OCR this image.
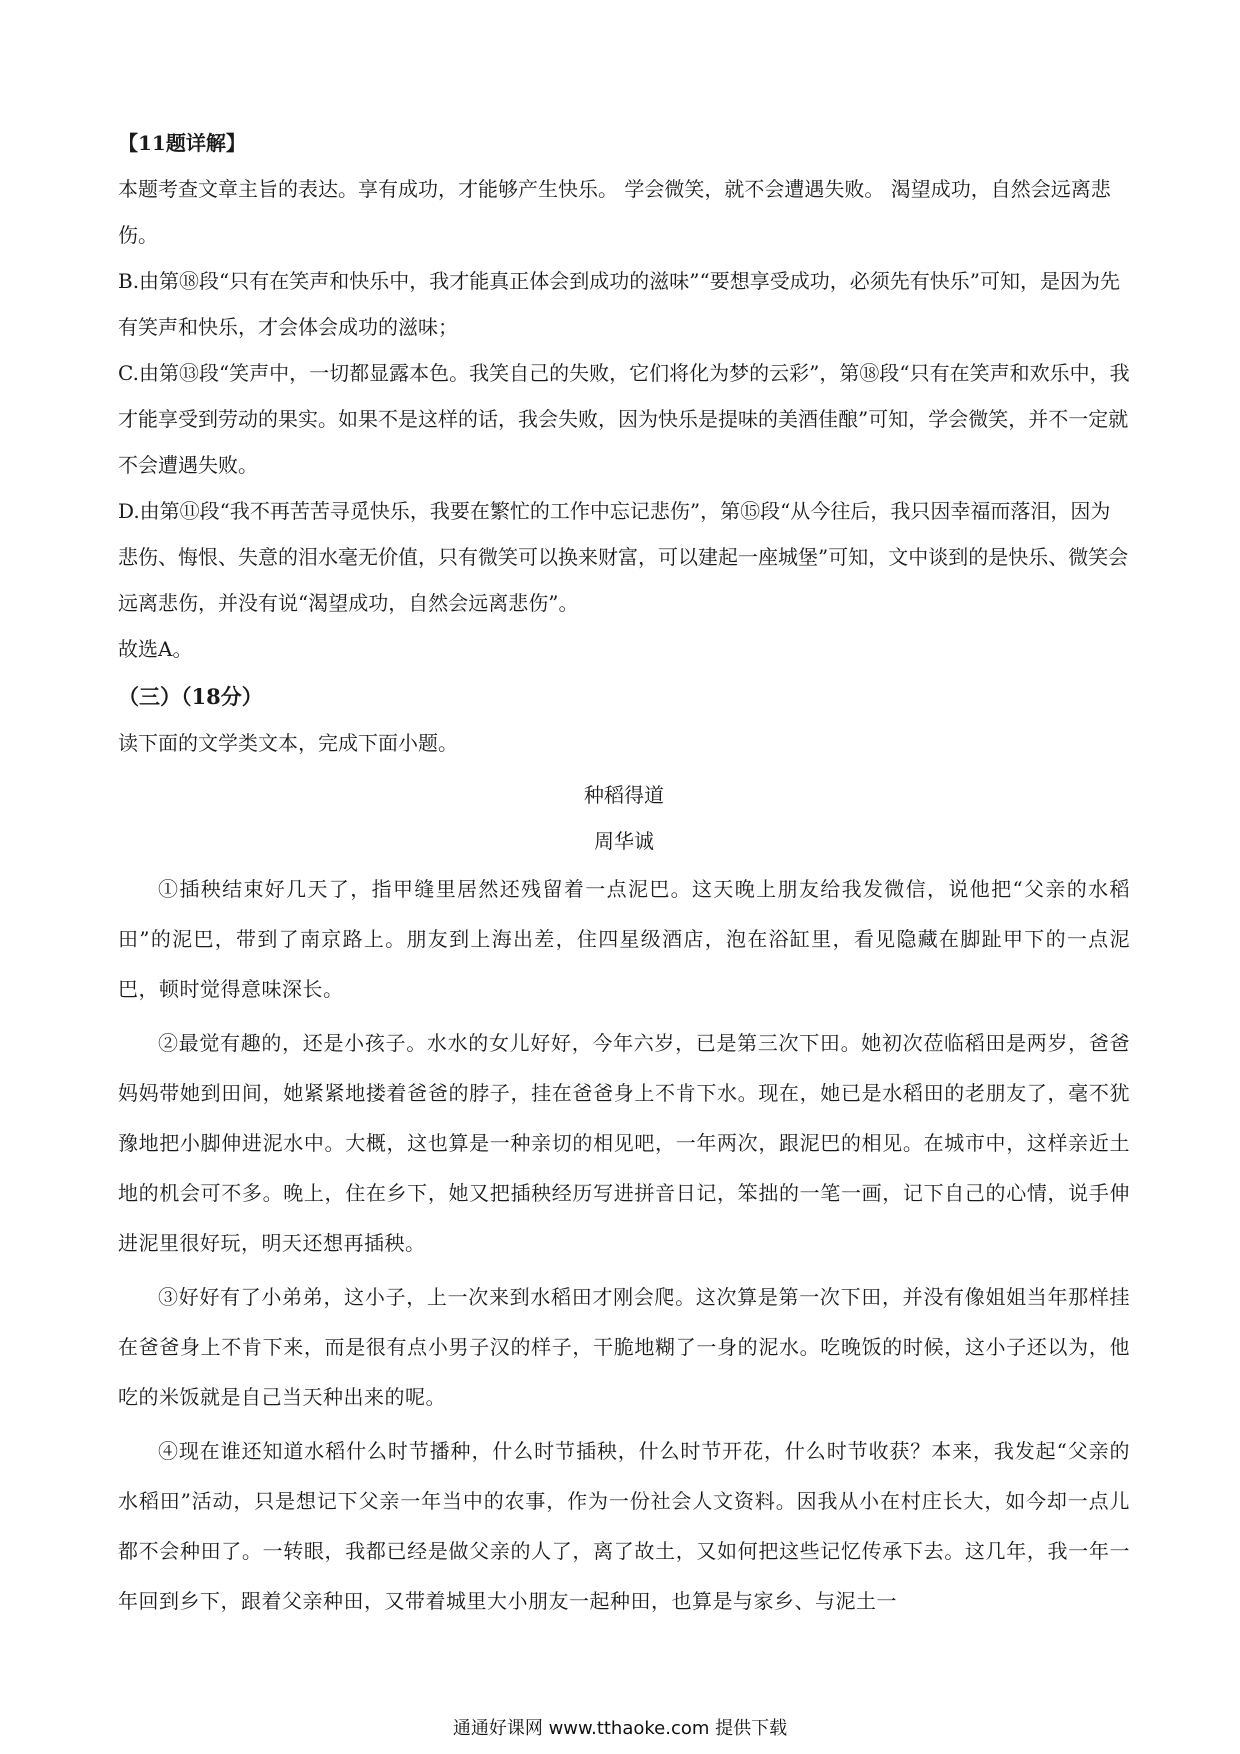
【11题详解】

本题考查文章主旨的表达。享有成功，才能够产生快乐。 学会微笑，就不会遭遇失败。 渴望成功，自然会远离悲伤。

B.由第⑱段“只有在笑声和快乐中，我才能真正体会到成功的滋味”“要想享受成功，必须先有快乐”可知，是因为先有笑声和快乐，才会体会成功的滋味；

C.由第⑬段“笑声中，一切都显露本色。我笑自己的失败，它们将化为梦的云彩”，第⑱段“只有在笑声和欢乐中，我才能享受到劳动的果实。如果不是这样的话，我会失败，因为快乐是提味的美酒佳酿”可知，学会微笑，并不一定就不会遭遇失败。

D.由第⑪段“我不再苦苦寻觅快乐，我要在繁忙的工作中忘记悲伤”，第⑮段“从今往后，我只因幸福而落泪，因为悲伤、悔恨、失意的泪水毫无价值，只有微笑可以换来财富，可以建起一座城堡”可知，文中谈到的是快乐、微笑会远离悲伤，并没有说“渴望成功，自然会远离悲伤”。

故选A。

（三）（18分）

读下面的文学类文本，完成下面小题。

种稻得道

周华诚

①插秧结束好几天了，指甲缝里居然还残留着一点泥巴。这天晚上朋友给我发微信，说他把“父亲的水稻田”的泥巴，带到了南京路上。朋友到上海出差，住四星级酒店，泡在浴缸里，看见隐藏在脚趾甲下的一点泥巴，顿时觉得意味深长。

②最觉有趣的，还是小孩子。水水的女儿好好，今年六岁，已是第三次下田。她初次莅临稻田是两岁，爸爸妈妈带她到田间，她紧紧地搂着爸爸的脖子，挂在爸爸身上不肯下水。现在，她已是水稻田的老朋友了，毫不犹豫地把小脚伸进泥水中。大概，这也算是一种亲切的相见吧，一年两次，跟泥巴的相见。在城市中，这样亲近土地的机会可不多。晚上，住在乡下，她又把插秧经历写进拼音日记，笨拙的一笔一画，记下自己的心情，说手伸进泥里很好玩，明天还想再插秧。

③好好有了小弟弟，这小子，上一次来到水稻田才刚会爬。这次算是第一次下田，并没有像姐姐当年那样挂在爸爸身上不肯下来，而是很有点小男子汉的样子，干脆地糊了一身的泥水。吃晚饭的时候，这小子还以为，他吃的米饭就是自己当天种出来的呢。

④现在谁还知道水稻什么时节播种，什么时节插秧，什么时节开花，什么时节收获？本来，我发起“父亲的水稻田”活动，只是想记下父亲一年当中的农事，作为一份社会人文资料。因我从小在村庄长大，如今却一点儿都不会种田了。一转眼，我都已经是做父亲的人了，离了故土，又如何把这些记忆传承下去。这几年，我一年一年回到乡下，跟着父亲种田，又带着城里大小朋友一起种田，也算是与家乡、与泥土一

通通好课网 www.tthaoke.com 提供下载
